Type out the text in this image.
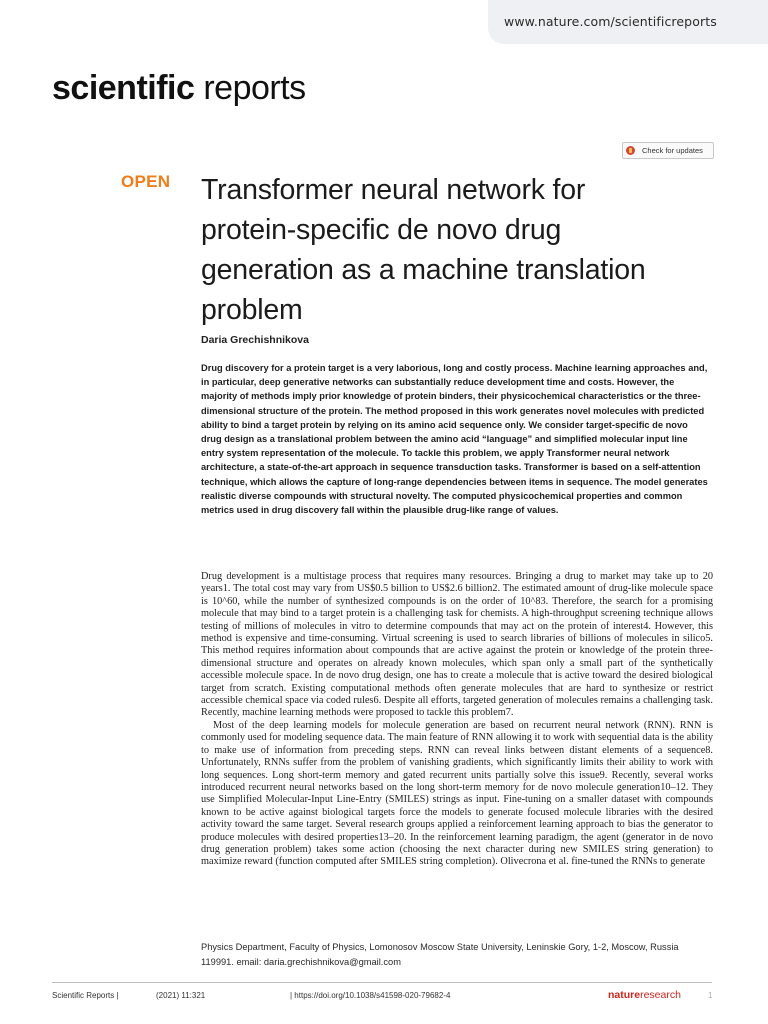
www.nature.com/scientificreports
scientific reports
Check for updates
OPEN Transformer neural network for protein-specific de novo drug generation as a machine translation problem
Daria Grechishnikova

Drug discovery for a protein target is a very laborious, long and costly process. Machine learning approaches and, in particular, deep generative networks can substantially reduce development time and costs. However, the majority of methods imply prior knowledge of protein binders, their physicochemical characteristics or the three-dimensional structure of the protein. The method proposed in this work generates novel molecules with predicted ability to bind a target protein by relying on its amino acid sequence only. We consider target-specific de novo drug design as a translational problem between the amino acid “language” and simplified molecular input line entry system representation of the molecule. To tackle this problem, we apply Transformer neural network architecture, a state-of-the-art approach in sequence transduction tasks. Transformer is based on a self-attention technique, which allows the capture of long-range dependencies between items in sequence. The model generates realistic diverse compounds with structural novelty. The computed physicochemical properties and common metrics used in drug discovery fall within the plausible drug-like range of values.

Drug development is a multistage process that requires many resources. Bringing a drug to market may take up to 20 years1. The total cost may vary from US$0.5 billion to US$2.6 billion2. The estimated amount of drug-like molecule space is 10^60, while the number of synthesized compounds is on the order of 10^83. Therefore, the search for a promising molecule that may bind to a target protein is a challenging task for chemists. A high-throughput screening technique allows testing of millions of molecules in vitro to determine compounds that may act on the protein of interest4. However, this method is expensive and time-consuming. Virtual screening is used to search libraries of billions of molecules in silico5. This method requires information about compounds that are active against the protein or knowledge of the protein three-dimensional structure and operates on already known molecules, which span only a small part of the synthetically accessible molecule space. In de novo drug design, one has to create a molecule that is active toward the desired biological target from scratch. Existing computational methods often generate molecules that are hard to synthesize or restrict accessible chemical space via coded rules6. Despite all efforts, targeted generation of molecules remains a challenging task. Recently, machine learning methods were proposed to tackle this problem7.

Most of the deep learning models for molecule generation are based on recurrent neural network (RNN). RNN is commonly used for modeling sequence data. The main feature of RNN allowing it to work with sequential data is the ability to make use of information from preceding steps. RNN can reveal links between distant elements of a sequence8. Unfortunately, RNNs suffer from the problem of vanishing gradients, which significantly limits their ability to work with long sequences. Long short-term memory and gated recurrent units partially solve this issue9. Recently, several works introduced recurrent neural networks based on the long short-term memory for de novo molecule generation10–12. They use Simplified Molecular-Input Line-Entry (SMILES) strings as input. Fine-tuning on a smaller dataset with compounds known to be active against biological targets force the models to generate focused molecule libraries with the desired activity toward the same target. Several research groups applied a reinforcement learning approach to bias the generator to produce molecules with desired properties13–20. In the reinforcement learning paradigm, the agent (generator in de novo drug generation problem) takes some action (choosing the next character during new SMILES string generation) to maximize reward (function computed after SMILES string completion). Olivecrona et al. fine-tuned the RNNs to generate

Physics Department, Faculty of Physics, Lomonosov Moscow State University, Leninskie Gory, 1-2, Moscow, Russia 119991. email: daria.grechishnikova@gmail.com
Scientific Reports |	(2021) 11:321	| https://doi.org/10.1038/s41598-020-79682-4	natureresearch	1
